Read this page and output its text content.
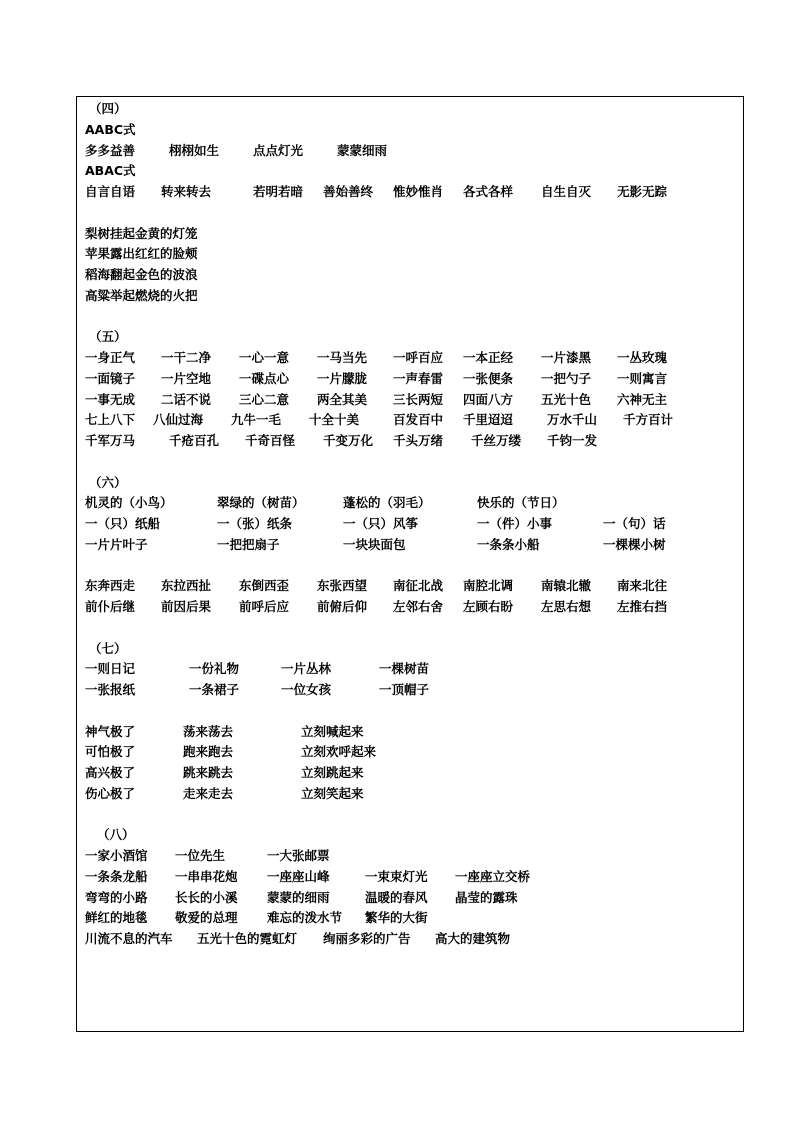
（四）
AABC式
多多益善	栩栩如生	点点灯光	蒙蒙细雨
ABAC式
自言自语 转来转去	若明若暗 善始善终 惟妙惟肖 各式各样 自生自灭 无影无踪
梨树挂起金黄的灯笼
苹果露出红红的脸颊
稻海翻起金色的波浪
高粱举起燃烧的火把
（五）
一身正气 一干二净 一心一意 一马当先 一呼百应 一本正经 一片漆黑 一丛玫瑰
一面镜子 一片空地 一碟点心 一片朦胧 一声春雷 一张便条 一把勺子 一则寓言
一事无成 二话不说 三心二意 两全其美 三长两短 四面八方 五光十色 六神无主
七上八下 八仙过海 九牛一毛 十全十美	百发百中 千里迢迢	万水千山 千方百计
千军万马	千疮百孔 千奇百怪 千变万化 千头万绪 千丝万缕 千钧一发
（六）
机灵的（小鸟）	翠绿的（树苗）	蓬松的（羽毛）	快乐的（节日）
一（只）纸船	一（张）纸条	一（只）风筝	一（件）小事	一（句）话
一片片叶子	一把把扇子	一块块面包	一条条小船	一棵棵小树
东奔西走 东拉西扯 东倒西歪 东张西望 南征北战 南腔北调 南辕北辙 南来北往
前仆后继 前因后果 前呼后应 前俯后仰 左邻右舍 左顾右盼 左思右想 左推右挡
（七）
一则日记	一份礼物	一片丛林	一棵树苗
一张报纸	一条裙子	一位女孩	一顶帽子
神气极了	荡来荡去	立刻喊起来
可怕极了	跑来跑去	立刻欢呼起来
高兴极了	跳来跳去	立刻跳起来
伤心极了	走来走去	立刻笑起来
（八）
一家小酒馆 一位先生	一大张邮票
一条条龙船 一串串花炮 一座座山峰	一束束灯光 一座座立交桥
弯弯的小路 长长的小溪 蒙蒙的细雨	温暖的春风 晶莹的露珠
鲜红的地毯 敬爱的总理 难忘的泼水节 繁华的大街
川流不息的汽车 五光十色的霓虹灯 绚丽多彩的广告 高大的建筑物
